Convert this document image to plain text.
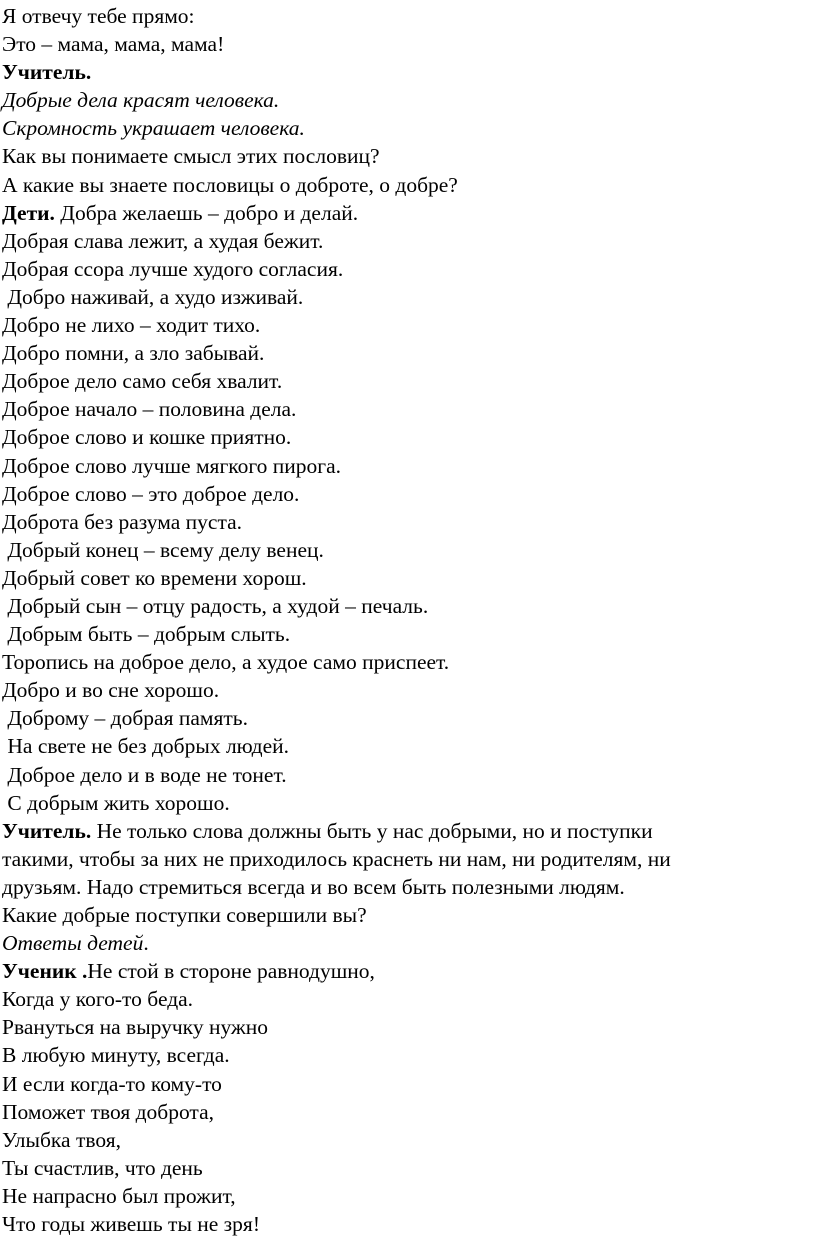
Я отвечу тебе прямо:
Это – мама, мама, мама!
Учитель.
Добрые дела красят человека.
Скромность украшает человека.
Как вы понимаете смысл этих пословиц?
А какие вы знаете пословицы о доброте, о добре?
Дети. Добра желаешь – добро и делай.
Добрая слава лежит, а худая бежит.
Добрая ссора лучше худого согласия.
Добро наживай, а худо изживай.
Добро не лихо – ходит тихо.
Добро помни, а зло забывай.
Доброе дело само себя хвалит.
Доброе начало – половина дела.
Доброе слово и кошке приятно.
Доброе слово лучше мягкого пирога.
Доброе слово – это доброе дело.
Доброта без разума пуста.
Добрый конец – всему делу венец.
Добрый совет ко времени хорош.
Добрый сын – отцу радость, а худой – печаль.
Добрым быть – добрым слыть.
Торопись на доброе дело, а худое само приспеет.
Добро и во сне хорошо.
Доброму – добрая память.
На свете не без добрых людей.
Доброе дело и в воде не тонет.
С добрым жить хорошо.
Учитель. Не только слова должны быть у нас добрыми, но и поступки
такими, чтобы за них не приходилось краснеть ни нам, ни родителям, ни
друзьям. Надо стремиться всегда и во всем быть полезными людям.
Какие добрые поступки совершили вы?
Ответы детей.
Ученик .Не стой в стороне равнодушно,
Когда у кого-то беда.
Рвануться на выручку нужно
В любую минуту, всегда.
И если когда-то кому-то
Поможет твоя доброта,
Улыбка твоя,
Ты счастлив, что день
Не напрасно был прожит,
Что годы живешь ты не зря!
